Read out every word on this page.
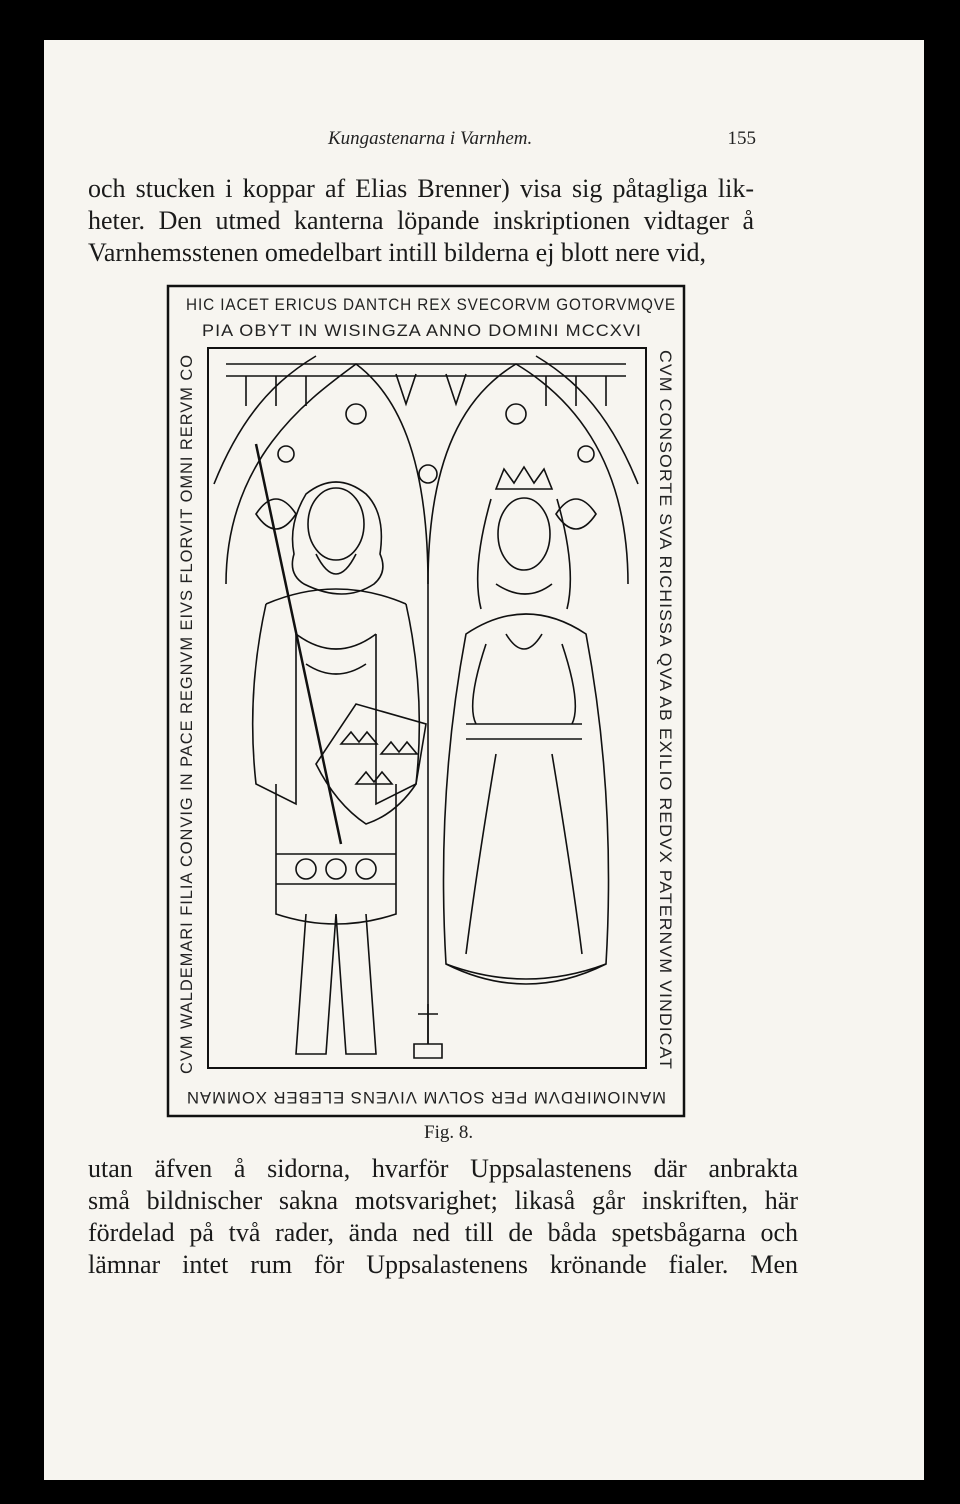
Kungastenarna i Varnhem.	155
och stucken i koppar af Elias Brenner) visa sig påtagliga lik-
heter. Den utmed kanterna löpande inskriptionen vidtager å
Varnhemsstenen omedelbart intill bilderna ej blott nere vid,
HIC IACET ERICUS DANTCH REX SVECORVM GOTORVMQVE
PIA OBYT IN WISINGZA ANNO DOMINI MCCXVI
CVM WALDEMARI FILIA CONVIG IN PACE REGNVM EIVS FLORVIT OMNI RERVM CO	CVM CONSORTE SVA RICHISSA QVA AB EXILIO REDVX PATERNVM VINDICAT
MANIOMIRDVM PER SOLVM VIVENS ELEBER XOMMAN
Fig. 8.
utan äfven å sidorna, hvarför Uppsalastenens där anbrakta
små bildnischer sakna motsvarighet; likaså går inskriften, här
fördelad på två rader, ända ned till de båda spetsbågarna och
lämnar intet rum för Uppsalastenens krönande fialer. Men
